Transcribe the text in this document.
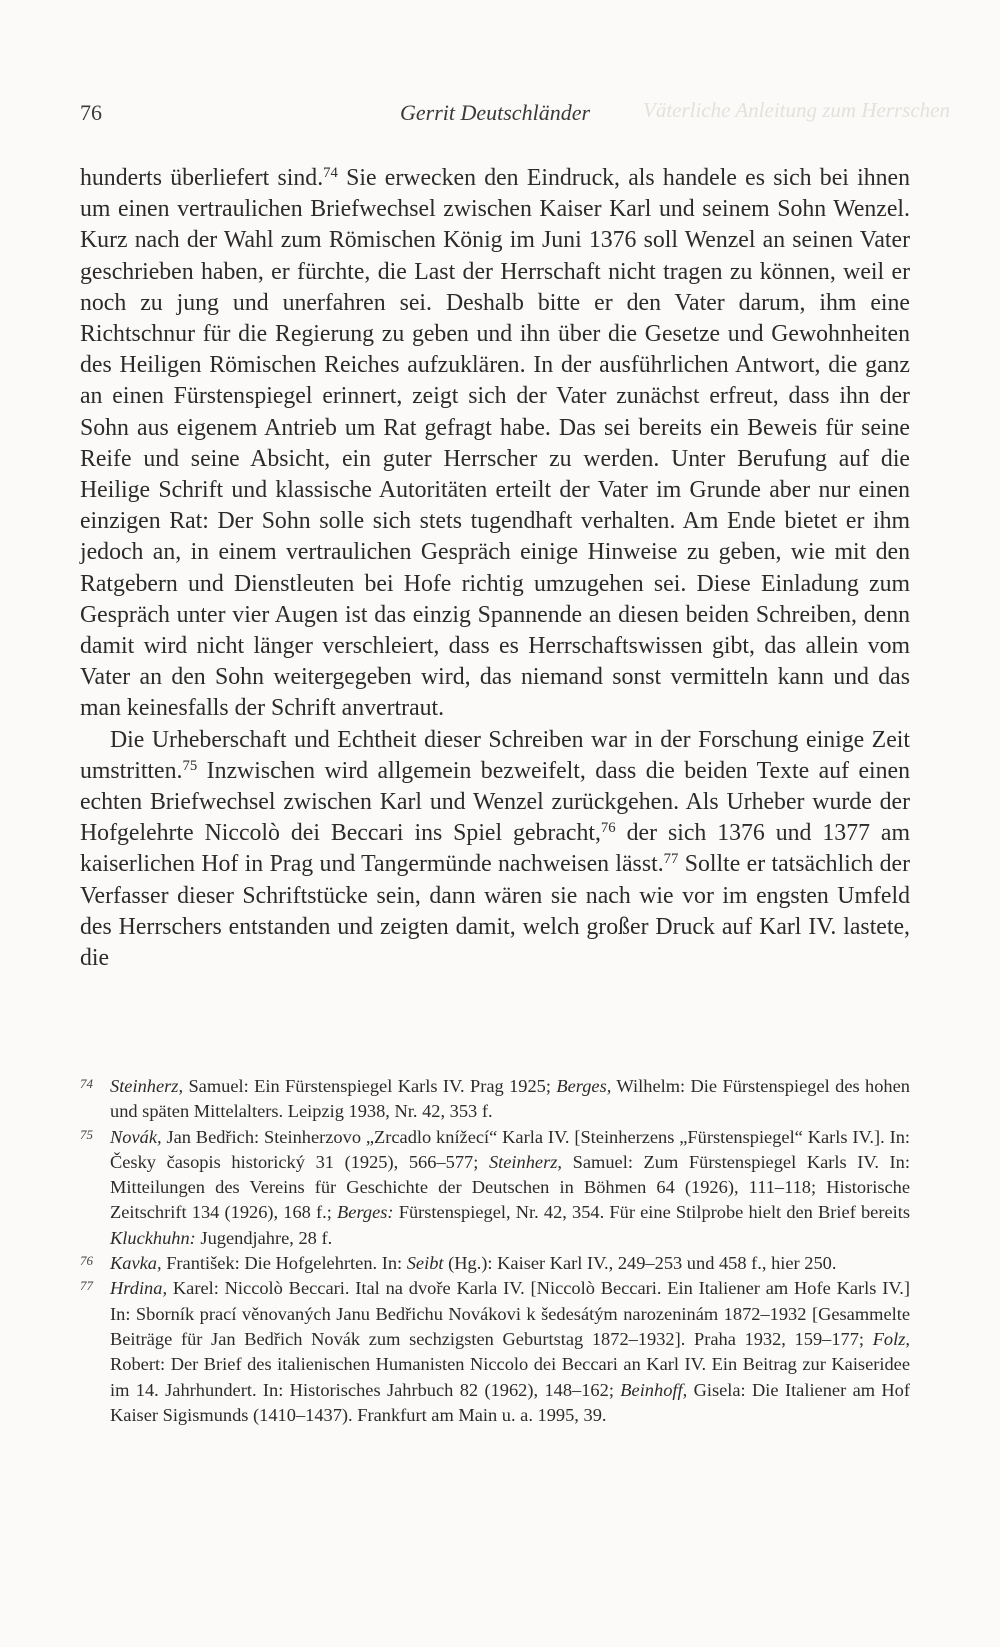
Väterliche Anleitung zum Herrschen
76	Gerrit Deutschländer

hunderts überliefert sind.$^{74}$ Sie erwecken den Eindruck, als handele es sich bei ihnen um einen vertraulichen Briefwechsel zwischen Kaiser Karl und seinem Sohn Wenzel. Kurz nach der Wahl zum Römischen König im Juni 1376 soll Wenzel an seinen Vater geschrieben haben, er fürchte, die Last der Herrschaft nicht tragen zu können, weil er noch zu jung und unerfahren sei. Deshalb bitte er den Vater darum, ihm eine Richtschnur für die Regierung zu geben und ihn über die Gesetze und Gewohnheiten des Heiligen Römischen Reiches aufzuklären. In der ausführlichen Antwort, die ganz an einen Fürstenspiegel erinnert, zeigt sich der Vater zunächst erfreut, dass ihn der Sohn aus eigenem Antrieb um Rat gefragt habe. Das sei bereits ein Beweis für seine Reife und seine Absicht, ein guter Herrscher zu werden. Unter Berufung auf die Heilige Schrift und klassische Autoritäten erteilt der Vater im Grunde aber nur einen einzigen Rat: Der Sohn solle sich stets tugendhaft verhalten. Am Ende bietet er ihm jedoch an, in einem vertraulichen Gespräch einige Hinweise zu geben, wie mit den Ratgebern und Dienstleuten bei Hofe richtig umzugehen sei. Diese Einladung zum Gespräch unter vier Augen ist das einzig Spannende an diesen beiden Schreiben, denn damit wird nicht länger verschleiert, dass es Herrschaftswissen gibt, das allein vom Vater an den Sohn weitergegeben wird, das niemand sonst vermitteln kann und das man keinesfalls der Schrift anvertraut.

Die Urheberschaft und Echtheit dieser Schreiben war in der Forschung einige Zeit umstritten.$^{75}$ Inzwischen wird allgemein bezweifelt, dass die beiden Texte auf einen echten Briefwechsel zwischen Karl und Wenzel zurückgehen. Als Urheber wurde der Hofgelehrte Niccolò dei Beccari ins Spiel gebracht,$^{76}$ der sich 1376 und 1377 am kaiserlichen Hof in Prag und Tangermünde nachweisen lässt.$^{77}$ Sollte er tatsächlich der Verfasser dieser Schriftstücke sein, dann wären sie nach wie vor im engsten Umfeld des Herrschers entstanden und zeigten damit, welch großer Druck auf Karl IV. lastete, die

74 Steinherz, Samuel: Ein Fürstenspiegel Karls IV. Prag 1925; Berges, Wilhelm: Die Fürstenspiegel des hohen und späten Mittelalters. Leipzig 1938, Nr. 42, 353 f.

75 Novák, Jan Bedřich: Steinherzovo „Zrcadlo knížecí“ Karla IV. [Steinherzens „Fürstenspiegel“ Karls IV.]. In: Česky časopis historický 31 (1925), 566–577; Steinherz, Samuel: Zum Fürstenspiegel Karls IV. In: Mitteilungen des Vereins für Geschichte der Deutschen in Böhmen 64 (1926), 111–118; Historische Zeitschrift 134 (1926), 168 f.; Berges: Fürstenspiegel, Nr. 42, 354. Für eine Stilprobe hielt den Brief bereits Kluckhuhn: Jugendjahre, 28 f.

76 Kavka, František: Die Hofgelehrten. In: Seibt (Hg.): Kaiser Karl IV., 249–253 und 458 f., hier 250.

77 Hrdina, Karel: Niccolò Beccari. Ital na dvoře Karla IV. [Niccolò Beccari. Ein Italiener am Hofe Karls IV.] In: Sborník prací věnovaných Janu Bedřichu Novákovi k šedesátým narozeninám 1872–1932 [Gesammelte Beiträge für Jan Bedřich Novák zum sechzigsten Geburtstag 1872–1932]. Praha 1932, 159–177; Folz, Robert: Der Brief des italienischen Humanisten Niccolo dei Beccari an Karl IV. Ein Beitrag zur Kaiseridee im 14. Jahrhundert. In: Historisches Jahrbuch 82 (1962), 148–162; Beinhoff, Gisela: Die Italiener am Hof Kaiser Sigismunds (1410–1437). Frankfurt am Main u. a. 1995, 39.
